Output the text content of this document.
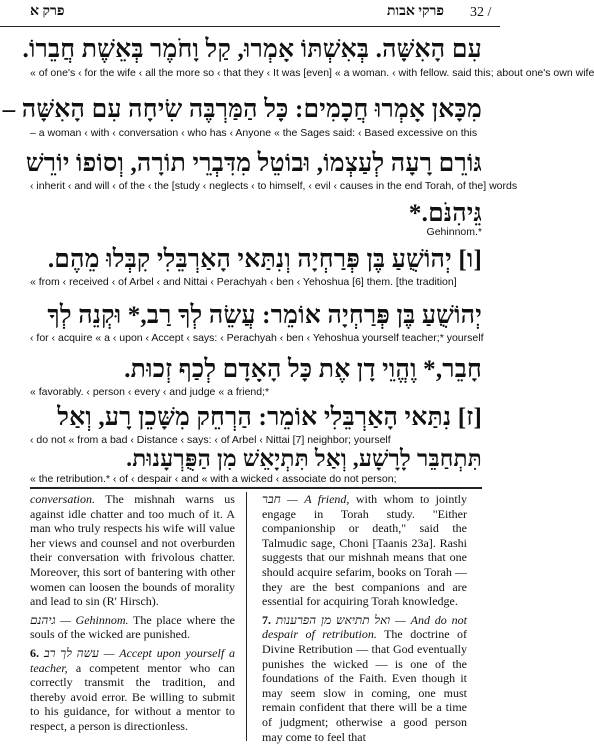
32 /
פרקי אבות
פרק א
עִם הָאִשָּׁה. בְּאִשְׁתּוֹ אָמְרוּ, קַל וָחֹמֶר בְּאֵשֶׁת חֲבֵרוֹ.
« of one's ‹ for the wife ‹ all the more so ‹ that they ‹ It was [even] « a woman. ‹ with fellow. said this; about one's own wife
מִכָּאן אָמְרוּ חֲכָמִים: כָּל הַמַּרְבֶּה שִׂיחָה עִם הָאִשָּׁה –
– a woman ‹ with ‹ conversation ‹ who has ‹ Anyone « the Sages said: ‹ Based excessive on this
גּוֹרֵם רָעָה לְעַצְמוֹ, וּבוֹטֵל מִדִּבְרֵי תוֹרָה, וְסוֹפוֹ יוֹרֵשׁ
‹ inherit ‹ and will ‹ of the ‹ the [study ‹ neglects ‹ to himself, ‹ evil ‹ causes in the end Torah, of the] words
גֵּיהִנֹּם.*
Gehinnom.*
[ו] יְהוֹשֻׁעַ בֶּן פְּרַחְיָה וְנִתַּאי הָאַרְבֵּלִי קִבְּלוּ מֵהֶם.
« from ‹ received ‹ of Arbel ‹ and Nittai ‹ Perachyah ‹ ben ‹ Yehoshua [6] them. [the tradition]
יְהוֹשֻׁעַ בֶּן פְּרַחְיָה אוֹמֵר: עֲשֵׂה לְךָ רַב,* וּקְנֵה לְךָ
‹ for ‹ acquire « a ‹ upon ‹ Accept ‹ says: ‹ Perachyah ‹ ben ‹ Yehoshua yourself teacher;* yourself
חָבֵר,* וֶהֱוֵי דָן אֶת כָּל הָאָדָם לְכַף זְכוּת.
« favorably. ‹ person ‹ every ‹ and judge « a friend;*
[ז] נִתַּאי הָאַרְבֵּלִי אוֹמֵר: הַרְחֵק מִשָּׁכֵן רָע, וְאַל
‹ do not « from a bad ‹ Distance ‹ says: ‹ of Arbel ‹ Nittai [7] neighbor; yourself
תִּתְחַבֵּר לָרָשָׁע, וְאַל תִּתְיָאֵשׁ מִן הַפֻּרְעָנוּת.
« the retribution.* ‹ of ‹ despair ‹ and « with a wicked ‹ associate do not person;

conversation. The mishnah warns us against idle chatter and too much of it. A man who truly respects his wife will value her views and counsel and not overburden their conversation with frivolous chatter. Moreover, this sort of bantering with other women can loosen the bounds of morality and lead to sin (R' Hirsch).

גיהנם — Gehinnom. The place where the souls of the wicked are punished.

6. עשה לך רב — Accept upon yourself a teacher, a competent mentor who can correctly transmit the tradition, and thereby avoid error. Be willing to submit to his guidance, for without a mentor to respect, a person is directionless.

חבר — A friend, with whom to jointly engage in Torah study. "Either companionship or death," said the Talmudic sage, Choni [Taanis 23a]. Rashi suggests that our mishnah means that one should acquire sefarim, books on Torah — they are the best companions and are essential for acquiring Torah knowledge.

7. ואל תתיאש מן הפרענות — And do not despair of retribution. The doctrine of Divine Retribution — that God eventually punishes the wicked — is one of the foundations of the Faith. Even though it may seem slow in coming, one must remain confident that there will be a time of judgment; otherwise a good person may come to feel that
